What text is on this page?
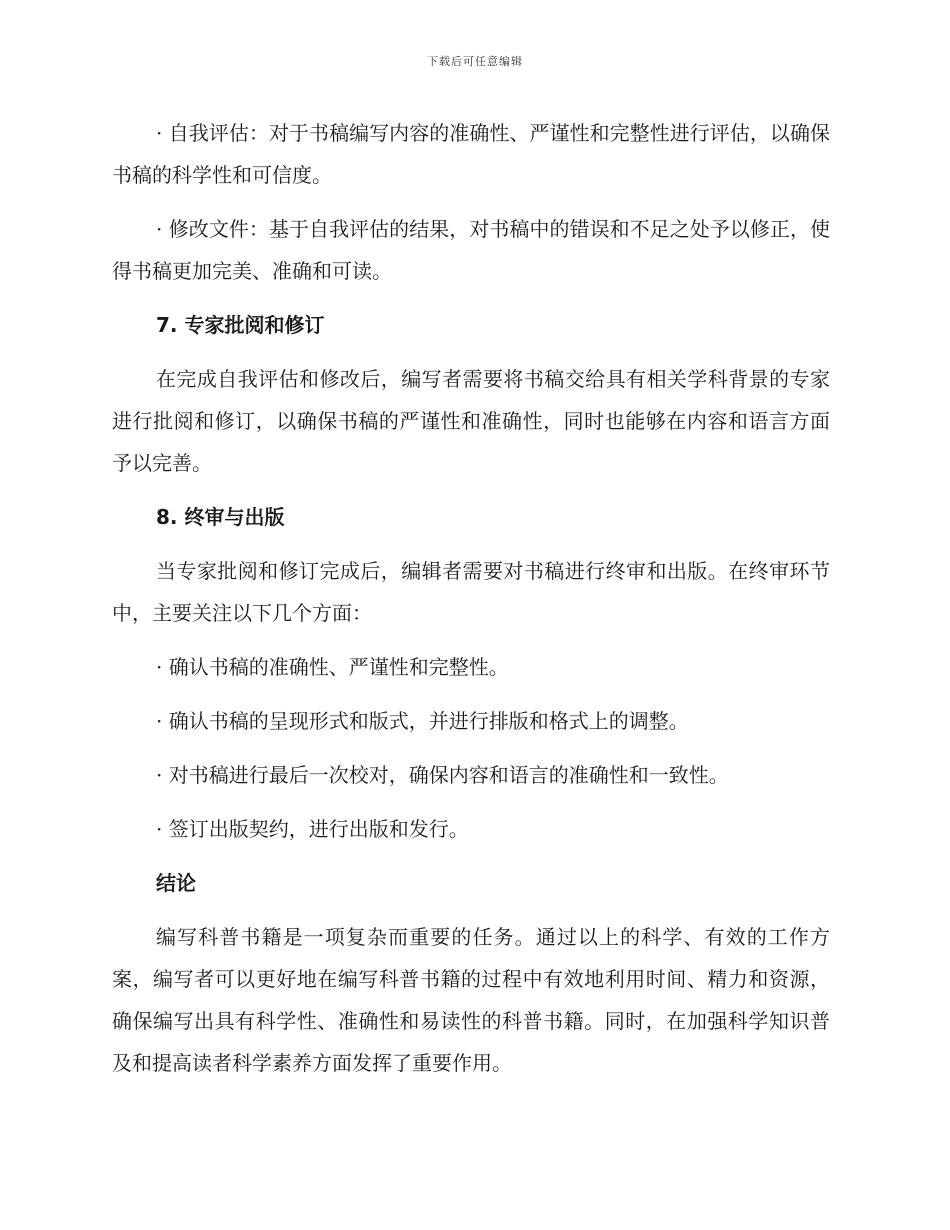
下载后可任意编辑

· 自我评估：对于书稿编写内容的准确性、严谨性和完整性进行评估，以确保书稿的科学性和可信度。

· 修改文件：基于自我评估的结果，对书稿中的错误和不足之处予以修正，使得书稿更加完美、准确和可读。

7. 专家批阅和修订

在完成自我评估和修改后，编写者需要将书稿交给具有相关学科背景的专家进行批阅和修订，以确保书稿的严谨性和准确性，同时也能够在内容和语言方面予以完善。

8. 终审与出版

当专家批阅和修订完成后，编辑者需要对书稿进行终审和出版。在终审环节中，主要关注以下几个方面：

· 确认书稿的准确性、严谨性和完整性。

· 确认书稿的呈现形式和版式，并进行排版和格式上的调整。

· 对书稿进行最后一次校对，确保内容和语言的准确性和一致性。

· 签订出版契约，进行出版和发行。

结论

编写科普书籍是一项复杂而重要的任务。通过以上的科学、有效的工作方案，编写者可以更好地在编写科普书籍的过程中有效地利用时间、精力和资源，确保编写出具有科学性、准确性和易读性的科普书籍。同时，在加强科学知识普及和提高读者科学素养方面发挥了重要作用。
